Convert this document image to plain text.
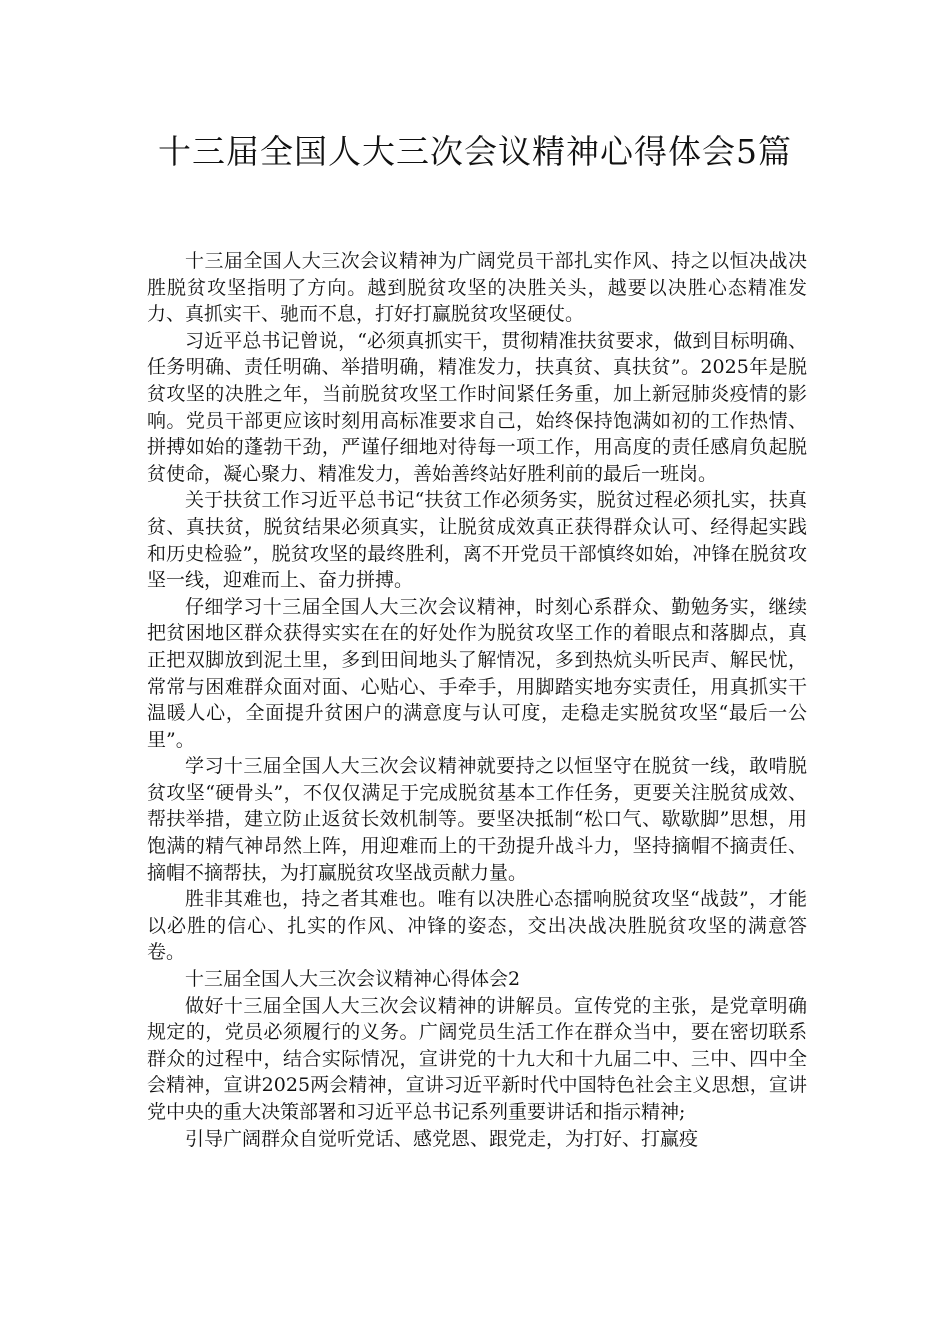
十三届全国人大三次会议精神心得体会5篇

十三届全国人大三次会议精神为广阔党员干部扎实作风、持之以恒决战决胜脱贫攻坚指明了方向。越到脱贫攻坚的决胜关头，越要以决胜心态精准发力、真抓实干、驰而不息，打好打赢脱贫攻坚硬仗。

习近平总书记曾说，“必须真抓实干，贯彻精准扶贫要求，做到目标明确、任务明确、责任明确、举措明确，精准发力，扶真贫、真扶贫”。2025年是脱贫攻坚的决胜之年，当前脱贫攻坚工作时间紧任务重，加上新冠肺炎疫情的影响。党员干部更应该时刻用高标准要求自己，始终保持饱满如初的工作热情、拼搏如始的蓬勃干劲，严谨仔细地对待每一项工作，用高度的责任感肩负起脱贫使命，凝心聚力、精准发力，善始善终站好胜利前的最后一班岗。

关于扶贫工作习近平总书记“扶贫工作必须务实，脱贫过程必须扎实，扶真贫、真扶贫，脱贫结果必须真实，让脱贫成效真正获得群众认可、经得起实践和历史检验”，脱贫攻坚的最终胜利，离不开党员干部慎终如始，冲锋在脱贫攻坚一线，迎难而上、奋力拼搏。

仔细学习十三届全国人大三次会议精神，时刻心系群众、勤勉务实，继续把贫困地区群众获得实实在在的好处作为脱贫攻坚工作的着眼点和落脚点，真正把双脚放到泥土里，多到田间地头了解情况，多到热炕头听民声、解民忧，常常与困难群众面对面、心贴心、手牵手，用脚踏实地夯实责任，用真抓实干温暖人心，全面提升贫困户的满意度与认可度，走稳走实脱贫攻坚“最后一公里”。

学习十三届全国人大三次会议精神就要持之以恒坚守在脱贫一线，敢啃脱贫攻坚“硬骨头”，不仅仅满足于完成脱贫基本工作任务，更要关注脱贫成效、帮扶举措，建立防止返贫长效机制等。要坚决抵制“松口气、歇歇脚”思想，用饱满的精气神昂然上阵，用迎难而上的干劲提升战斗力，坚持摘帽不摘责任、摘帽不摘帮扶，为打赢脱贫攻坚战贡献力量。

胜非其难也，持之者其难也。唯有以决胜心态擂响脱贫攻坚“战鼓”，才能以必胜的信心、扎实的作风、冲锋的姿态，交出决战决胜脱贫攻坚的满意答卷。

十三届全国人大三次会议精神心得体会2

做好十三届全国人大三次会议精神的讲解员。宣传党的主张，是党章明确规定的，党员必须履行的义务。广阔党员生活工作在群众当中，要在密切联系群众的过程中，结合实际情况，宣讲党的十九大和十九届二中、三中、四中全会精神，宣讲2025两会精神，宣讲习近平新时代中国特色社会主义思想，宣讲党中央的重大决策部署和习近平总书记系列重要讲话和指示精神;

引导广阔群众自觉听党话、感党恩、跟党走，为打好、打赢疫
